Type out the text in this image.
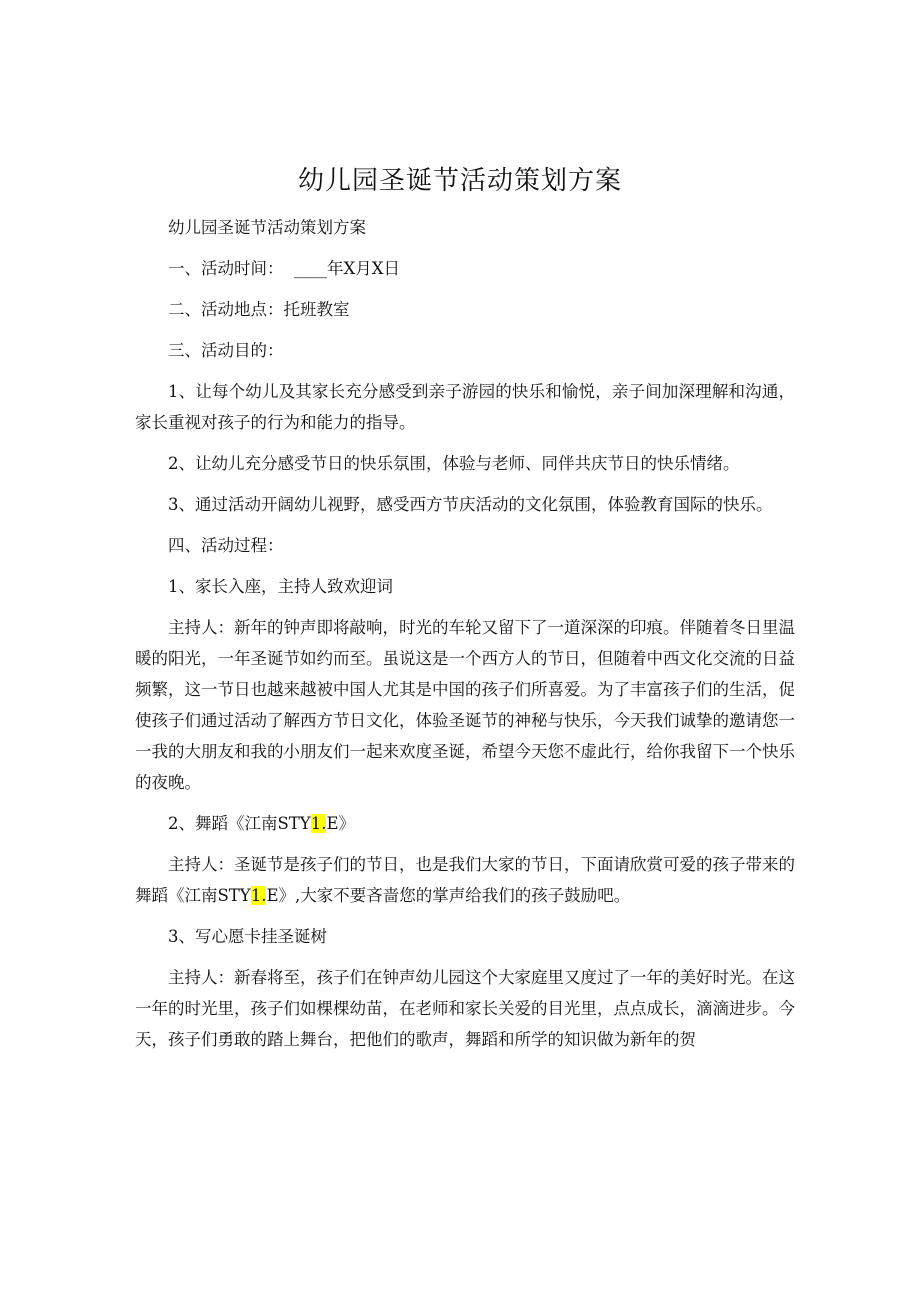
幼儿园圣诞节活动策划方案

幼儿园圣诞节活动策划方案

一、活动时间：  ____年X月X日

二、活动地点：托班教室

三、活动目的：

1、让每个幼儿及其家长充分感受到亲子游园的快乐和愉悦，亲子间加深理解和沟通，家长重视对孩子的行为和能力的指导。

2、让幼儿充分感受节日的快乐氛围，体验与老师、同伴共庆节日的快乐情绪。

3、通过活动开阔幼儿视野，感受西方节庆活动的文化氛围，体验教育国际的快乐。

四、活动过程：

1、家长入座，主持人致欢迎词

主持人：新年的钟声即将敲响，时光的车轮又留下了一道深深的印痕。伴随着冬日里温暖的阳光，一年圣诞节如约而至。虽说这是一个西方人的节日，但随着中西文化交流的日益频繁，这一节日也越来越被中国人尤其是中国的孩子们所喜爱。为了丰富孩子们的生活，促使孩子们通过活动了解西方节日文化，体验圣诞节的神秘与快乐，今天我们诚挚的邀请您一一我的大朋友和我的小朋友们一起来欢度圣诞，希望今天您不虚此行，给你我留下一个快乐的夜晚。

2、舞蹈《江南STY1.E》

主持人：圣诞节是孩子们的节日，也是我们大家的节日，下面请欣赏可爱的孩子带来的舞蹈《江南STY1.E》,大家不要吝啬您的掌声给我们的孩子鼓励吧。

3、写心愿卡挂圣诞树

主持人：新春将至，孩子们在钟声幼儿园这个大家庭里又度过了一年的美好时光。在这一年的时光里，孩子们如棵棵幼苗，在老师和家长关爱的目光里，点点成长，滴滴进步。今天，孩子们勇敢的踏上舞台，把他们的歌声，舞蹈和所学的知识做为新年的贺
